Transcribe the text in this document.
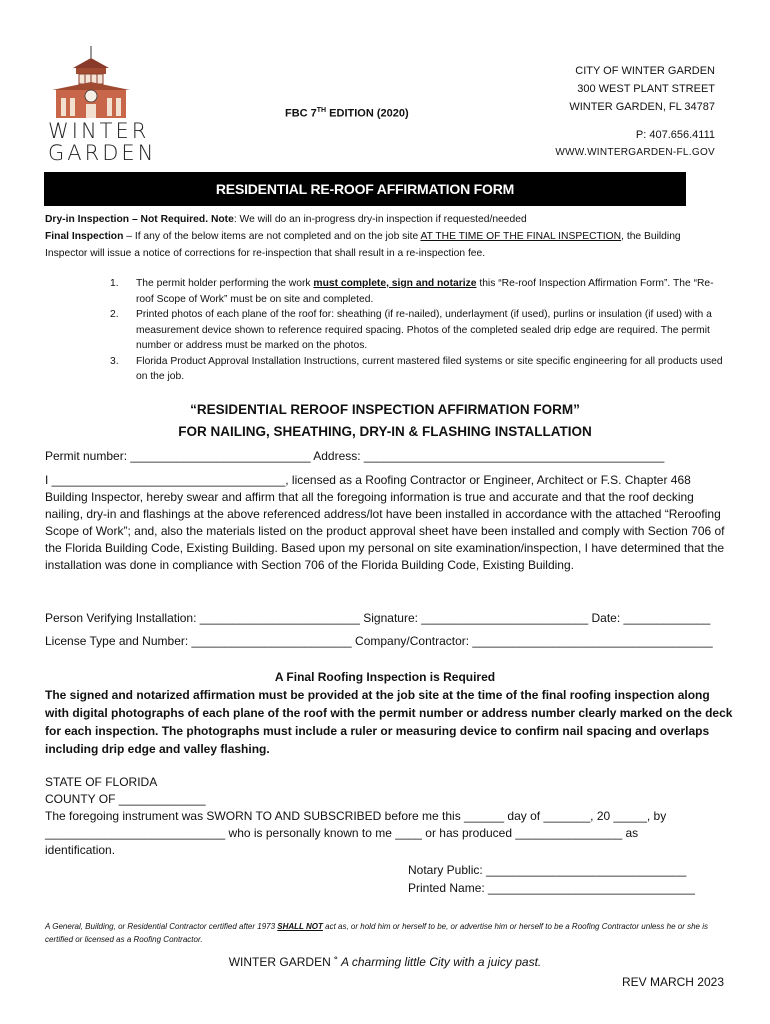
WINTER
GARDEN
FBC 7TH EDITION (2020)
CITY OF WINTER GARDEN
300 WEST PLANT STREET
WINTER GARDEN, FL 34787
P: 407.656.4111
WWW.WINTERGARDEN-FL.GOV
RESIDENTIAL RE-ROOF AFFIRMATION FORM
Dry-in Inspection – Not Required. Note: We will do an in-progress dry-in inspection if requested/needed
Final Inspection – If any of the below items are not completed and on the job site AT THE TIME OF THE FINAL INSPECTION, the Building Inspector will issue a notice of corrections for re-inspection that shall result in a re-inspection fee.
1.	The permit holder performing the work must complete, sign and notarize this “Re-roof Inspection Affirmation Form”. The “Re-roof Scope of Work” must be on site and completed.
2.	Printed photos of each plane of the roof for: sheathing (if re-nailed), underlayment (if used), purlins or insulation (if used) with a measurement device shown to reference required spacing. Photos of the completed sealed drip edge are required. The permit number or address must be marked on the photos.
3.	Florida Product Approval Installation Instructions, current mastered filed systems or site specific engineering for all products used on the job.
“RESIDENTIAL REROOF INSPECTION AFFIRMATION FORM”
FOR NAILING, SHEATHING, DRY-IN & FLASHING INSTALLATION
Permit number: ___________________________ Address: _____________________________________________
I ___________________________________, licensed as a Roofing Contractor or Engineer, Architect or F.S. Chapter 468 Building Inspector, hereby swear and affirm that all the foregoing information is true and accurate and that the roof decking nailing, dry-in and flashings at the above referenced address/lot have been installed in accordance with the attached “Reroofing Scope of Work”; and, also the materials listed on the product approval sheet have been installed and comply with Section 706 of the Florida Building Code, Existing Building. Based upon my personal on site examination/inspection, I have determined that the installation was done in compliance with Section 706 of the Florida Building Code, Existing Building.
Person Verifying Installation: ________________________ Signature: _________________________ Date: _____________
License Type and Number: ________________________ Company/Contractor: ____________________________________
A Final Roofing Inspection is Required
The signed and notarized affirmation must be provided at the job site at the time of the final roofing inspection along with digital photographs of each plane of the roof with the permit number or address number clearly marked on the deck for each inspection. The photographs must include a ruler or measuring device to confirm nail spacing and overlaps including drip edge and valley flashing.
STATE OF FLORIDA
COUNTY OF _____________
The foregoing instrument was SWORN TO AND SUBSCRIBED before me this ______ day of _______, 20 _____, by
___________________________ who is personally known to me ____ or has produced ________________ as
identification.
Notary Public: ______________________________
Printed Name: _______________________________
A General, Building, or Residential Contractor certified after 1973 SHALL NOT act as, or hold him or herself to be, or advertise him or herself to be a Roofing Contractor unless he or she is certified or licensed as a Roofing Contractor.
WINTER GARDEN ˚ A charming little City with a juicy past.
REV MARCH 2023
